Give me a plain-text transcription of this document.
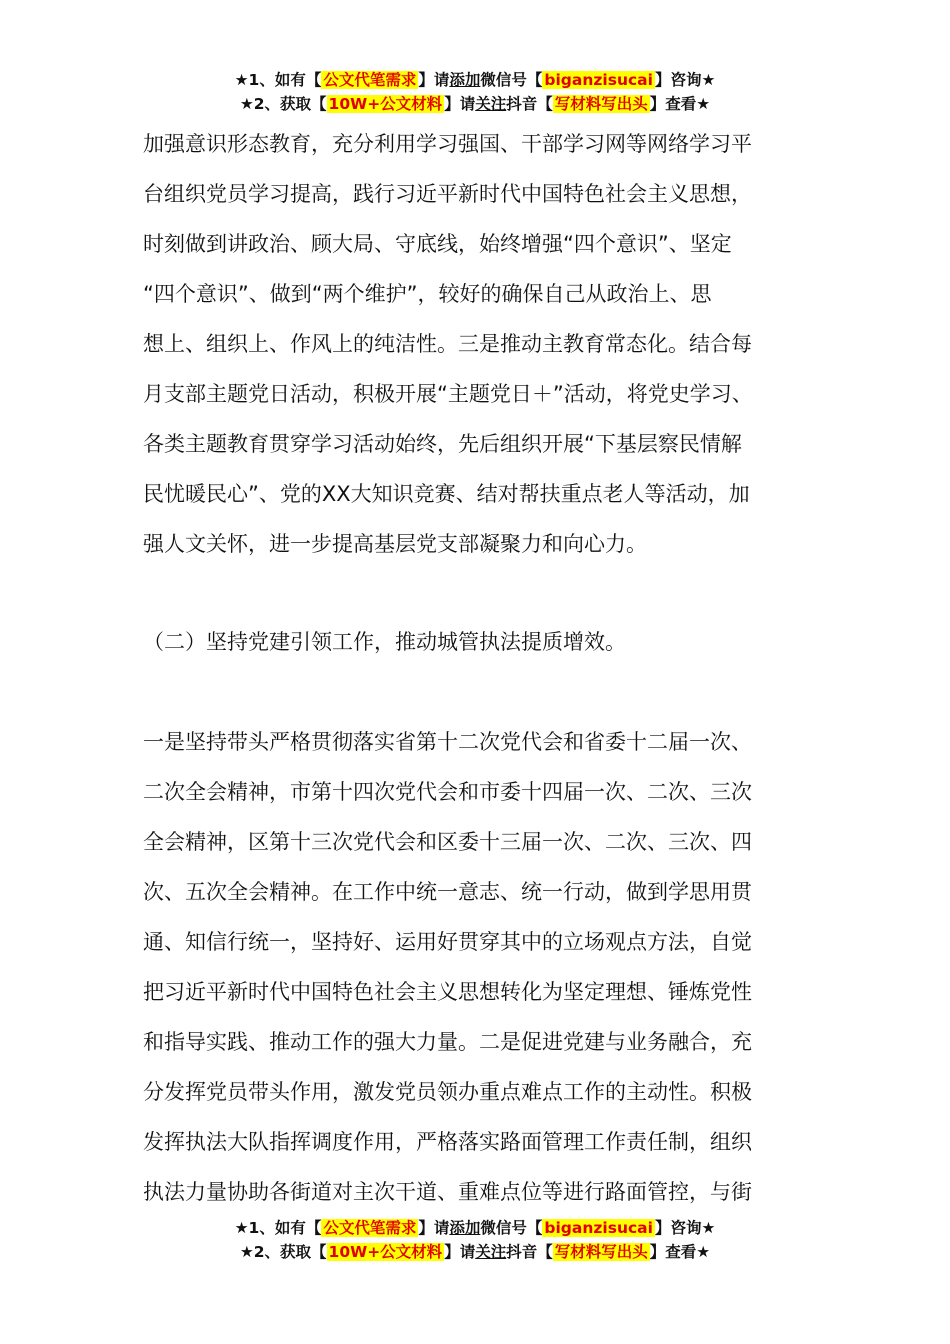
★1、如有【 公文代笔需求 】请添加微信号【 biganzisucai 】咨询★
★2、获取【 10W+公文材料 】请关注抖音【 写材料写出头 】查看★
加强意识形态教育，充分利用学习强国、干部学习网等网络学习平
台组织党员学习提高，践行习近平新时代中国特色社会主义思想，
时刻做到讲政治、顾大局、守底线，始终增强“四个意识”、坚定
“四个意识”、做到“两个维护”，较好的确保自己从政治上、思
想上、组织上、作风上的纯洁性。三是推动主教育常态化。结合每
月支部主题党日活动，积极开展“主题党日＋”活动，将党史学习、
各类主题教育贯穿学习活动始终，先后组织开展“下基层察民情解
民忧暖民心”、党的XX大知识竞赛、结对帮扶重点老人等活动，加
强人文关怀，进一步提高基层党支部凝聚力和向心力。
（二）坚持党建引领工作，推动城管执法提质增效。
一是坚持带头严格贯彻落实省第十二次党代会和省委十二届一次、
二次全会精神，市第十四次党代会和市委十四届一次、二次、三次
全会精神，区第十三次党代会和区委十三届一次、二次、三次、四
次、五次全会精神。在工作中统一意志、统一行动，做到学思用贯
通、知信行统一，坚持好、运用好贯穿其中的立场观点方法，自觉
把习近平新时代中国特色社会主义思想转化为坚定理想、锤炼党性
和指导实践、推动工作的强大力量。二是促进党建与业务融合，充
分发挥党员带头作用，激发党员领办重点难点工作的主动性。积极
发挥执法大队指挥调度作用，严格落实路面管理工作责任制，组织
执法力量协助各街道对主次干道、重难点位等进行路面管控，与街
★1、如有【 公文代笔需求 】请添加微信号【 biganzisucai 】咨询★
★2、获取【 10W+公文材料 】请关注抖音【 写材料写出头 】查看★
